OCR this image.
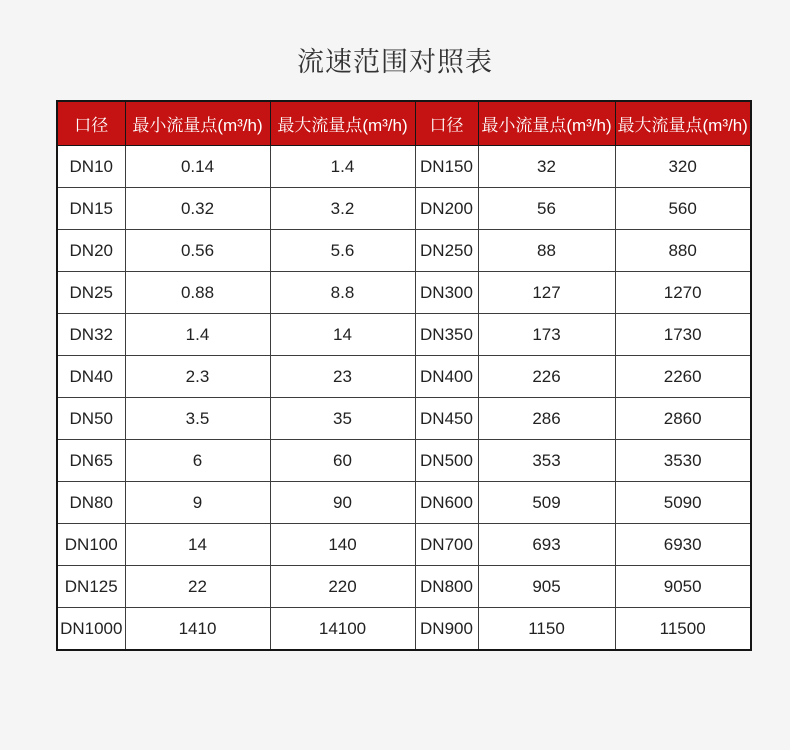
流速范围对照表
口径	最小流量点(m³/h)	最大流量点(m³/h)	口径	最小流量点(m³/h)	最大流量点(m³/h)
DN10	0.14	1.4	DN150	32	320
DN15	0.32	3.2	DN200	56	560
DN20	0.56	5.6	DN250	88	880
DN25	0.88	8.8	DN300	127	1270
DN32	1.4	14	DN350	173	1730
DN40	2.3	23	DN400	226	2260
DN50	3.5	35	DN450	286	2860
DN65	6	60	DN500	353	3530
DN80	9	90	DN600	509	5090
DN100	14	140	DN700	693	6930
DN125	22	220	DN800	905	9050
DN1000	1410	14100	DN900	1150	11500
